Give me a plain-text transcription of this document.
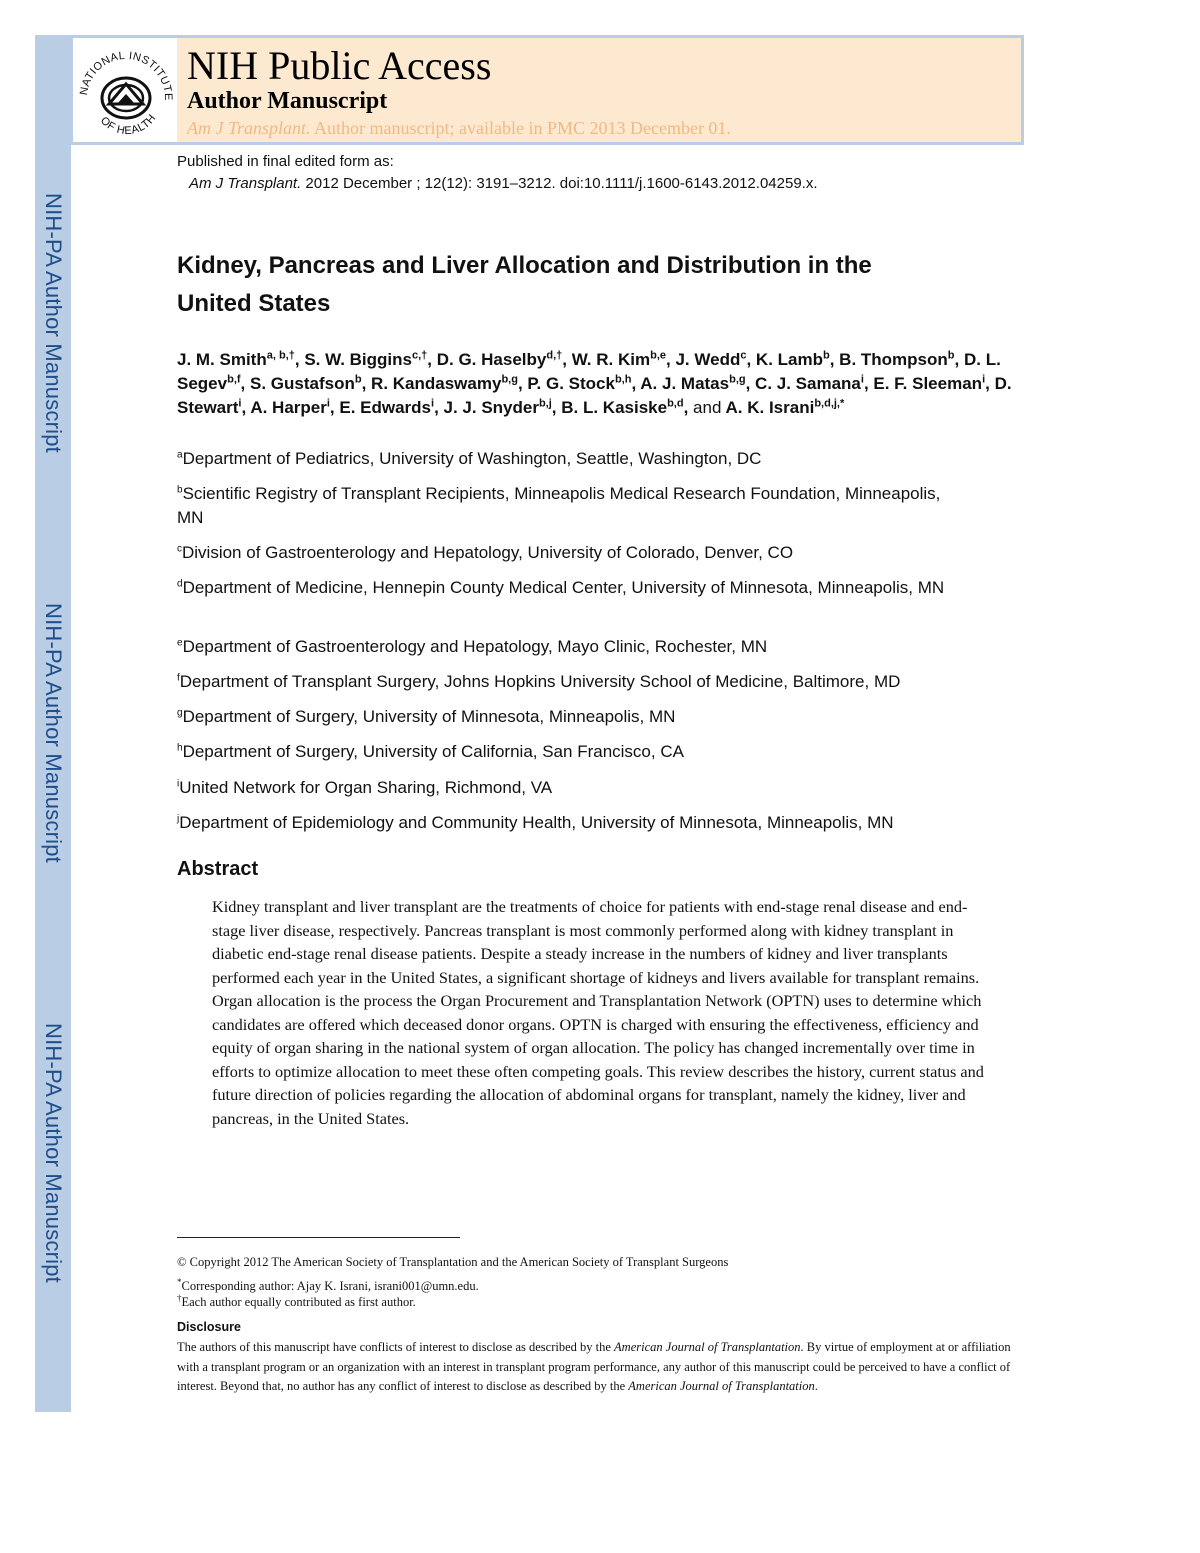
NIH-PA Author Manuscript
NIH-PA Author Manuscript
NIH-PA Author Manuscript
NATIONAL INSTITUTE
OF HEALTH
NIH Public Access
Author Manuscript
Am J Transplant. Author manuscript; available in PMC 2013 December 01.
Published in final edited form as:
Am J Transplant. 2012 December ; 12(12): 3191–3212. doi:10.1111/j.1600-6143.2012.04259.x.
Kidney, Pancreas and Liver Allocation and Distribution in the
United States
J. M. Smith$^{a, b,\dagger}$, S. W. Biggins$^{c,\dagger}$, D. G. Haselby$^{d,\dagger}$, W. R. Kim$^{b,e}$, J. Wedd$^c$, K. Lamb$^b$, B. Thompson$^b$, D. L. Segev$^{b,f}$, S. Gustafson$^b$, R. Kandaswamy$^{b,g}$, P. G. Stock$^{b,h}$, A. J. Matas$^{b,g}$, C. J. Samana$^i$, E. F. Sleeman$^i$, D. Stewart$^i$, A. Harper$^i$, E. Edwards$^i$, J. J. Snyder$^{b,j}$, B. L. Kasiske$^{b,d}$, and A. K. Israni$^{b,d,j,*}$
$^a$Department of Pediatrics, University of Washington, Seattle, Washington, DC
$^b$Scientific Registry of Transplant Recipients, Minneapolis Medical Research Foundation, Minneapolis, MN
$^c$Division of Gastroenterology and Hepatology, University of Colorado, Denver, CO
$^d$Department of Medicine, Hennepin County Medical Center, University of Minnesota, Minneapolis, MN
$^e$Department of Gastroenterology and Hepatology, Mayo Clinic, Rochester, MN
$^f$Department of Transplant Surgery, Johns Hopkins University School of Medicine, Baltimore, MD
$^g$Department of Surgery, University of Minnesota, Minneapolis, MN
$^h$Department of Surgery, University of California, San Francisco, CA
$^i$United Network for Organ Sharing, Richmond, VA
$^j$Department of Epidemiology and Community Health, University of Minnesota, Minneapolis, MN
Abstract
Kidney transplant and liver transplant are the treatments of choice for patients with end-stage renal disease and end-stage liver disease, respectively. Pancreas transplant is most commonly performed along with kidney transplant in diabetic end-stage renal disease patients. Despite a steady increase in the numbers of kidney and liver transplants performed each year in the United States, a significant shortage of kidneys and livers available for transplant remains. Organ allocation is the process the Organ Procurement and Transplantation Network (OPTN) uses to determine which candidates are offered which deceased donor organs. OPTN is charged with ensuring the effectiveness, efficiency and equity of organ sharing in the national system of organ allocation. The policy has changed incrementally over time in efforts to optimize allocation to meet these often competing goals. This review describes the history, current status and future direction of policies regarding the allocation of abdominal organs for transplant, namely the kidney, liver and pancreas, in the United States.
© Copyright 2012 The American Society of Transplantation and the American Society of Transplant Surgeons
*Corresponding author: Ajay K. Israni, israni001@umn.edu.
†Each author equally contributed as first author.
Disclosure
The authors of this manuscript have conflicts of interest to disclose as described by the American Journal of Transplantation. By virtue of employment at or affiliation with a transplant program or an organization with an interest in transplant program performance, any author of this manuscript could be perceived to have a conflict of interest. Beyond that, no author has any conflict of interest to disclose as described by the American Journal of Transplantation.
